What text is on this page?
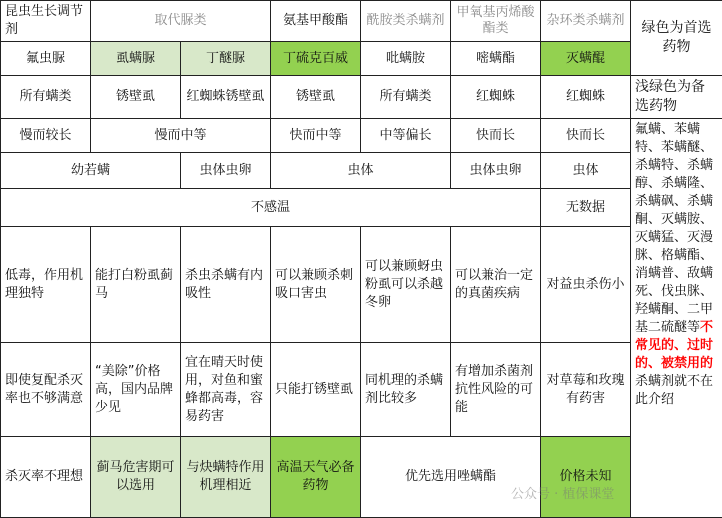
昆虫生长调节剂	取代脲类		氨基甲酸酯	酰胺类杀螨剂	甲氧基丙烯酸酯类	杂环类杀螨剂	绿色为首选药物
氟虫脲	虱螨脲	丁醚脲	丁硫克百威	吡螨胺	嘧螨酯	灭螨醌	
所有螨类	锈壁虱	红蜘蛛锈壁虱	锈壁虱	所有螨类	红蜘蛛	红蜘蛛	浅绿色为备选药物
慢而较长	慢而中等		快而中等	中等偏长	快而长	快而长	氟螨、苯螨特、苯螨醚、杀螨特、杀螨醇、杀螨隆、杀螨砜、杀螨酮、灭螨胺、灭螨猛、灭漫脒、格螨酯、消螨普、敌螨死、伐虫脒、羟螨酮、二甲基二硫醚等不常见的、过时的、被禁用的杀螨剂就不在此介绍
幼若螨		虫体虫卵	虫体		虫体虫卵	虫体	
不感温						无数据	
低毒，作用机理独特	能打白粉虱蓟马	杀虫杀螨有内吸性	可以兼顾杀刺吸口害虫	可以兼顾蚜虫粉虱可以杀越冬卵	可以兼治一定的真菌疾病	对益虫杀伤小	
即使复配杀灭率也不够满意	“美除”价格高，国内品牌少见	宜在晴天时使用，对鱼和蜜蜂都高毒，容易药害	只能打锈壁虱	同机理的杀螨剂比较多	有增加杀菌剂抗性风险的可能	对草莓和玫瑰有药害	
杀灭率不理想	蓟马危害期可以选用	与炔螨特作用机理相近	高温天气必备药物	优先选用唑螨酯		价格未知	
公众号 · 植保课堂
